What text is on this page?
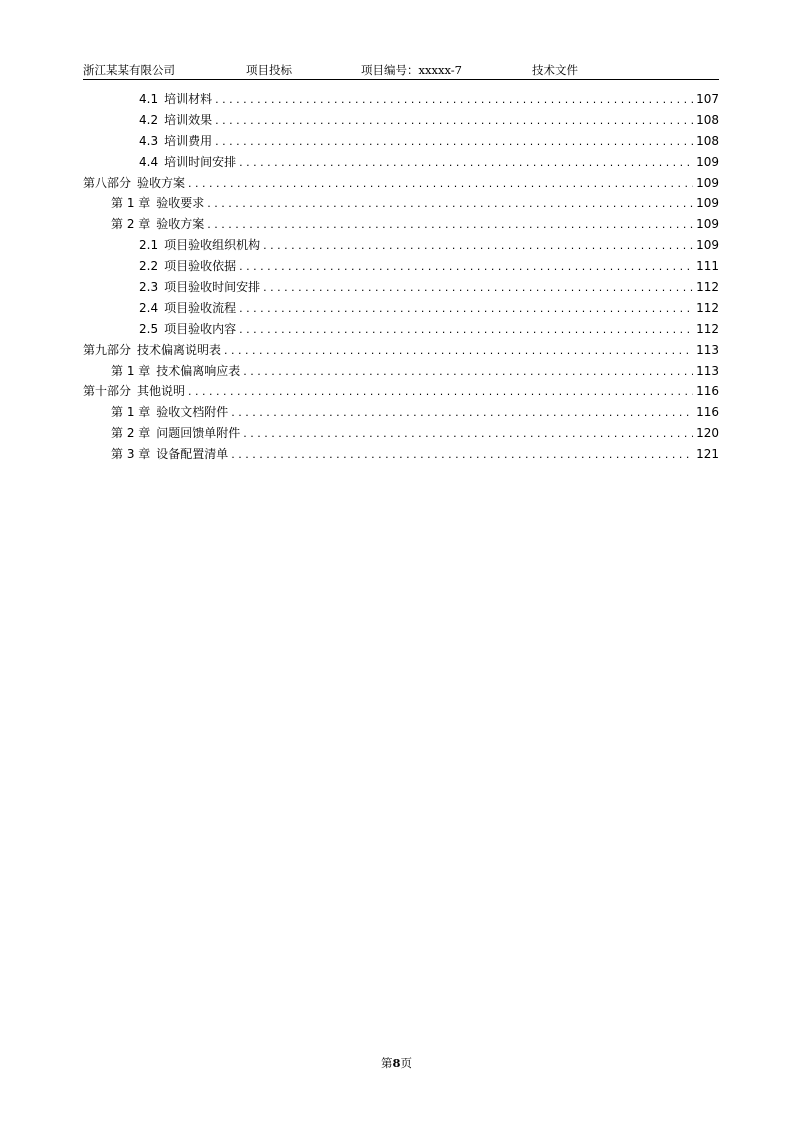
浙江某某有限公司	项目投标	项目编号：xxxxx-7	技术文件
4.1 培训材料 . . .	107
4.2 培训效果 . . .	108
4.3 培训费用 . . .	108
4.4 培训时间安排 . . .	109
第八部分 验收方案 . . .	109
第 1 章 验收要求 . . .	109
第 2 章 验收方案 . . .	109
2.1 项目验收组织机构 . . .	109
2.2 项目验收依据 . . .	111
2.3 项目验收时间安排 . . .	112
2.4 项目验收流程 . . .	112
2.5 项目验收内容 . . .	112
第九部分 技术偏离说明表 . . .	113
第 1 章 技术偏离响应表 . . .	113
第十部分 其他说明 . . .	116
第 1 章 验收文档附件 . . .	116
第 2 章 问题回馈单附件 . . .	120
第 3 章 设备配置清单 . . .	121
第8页
